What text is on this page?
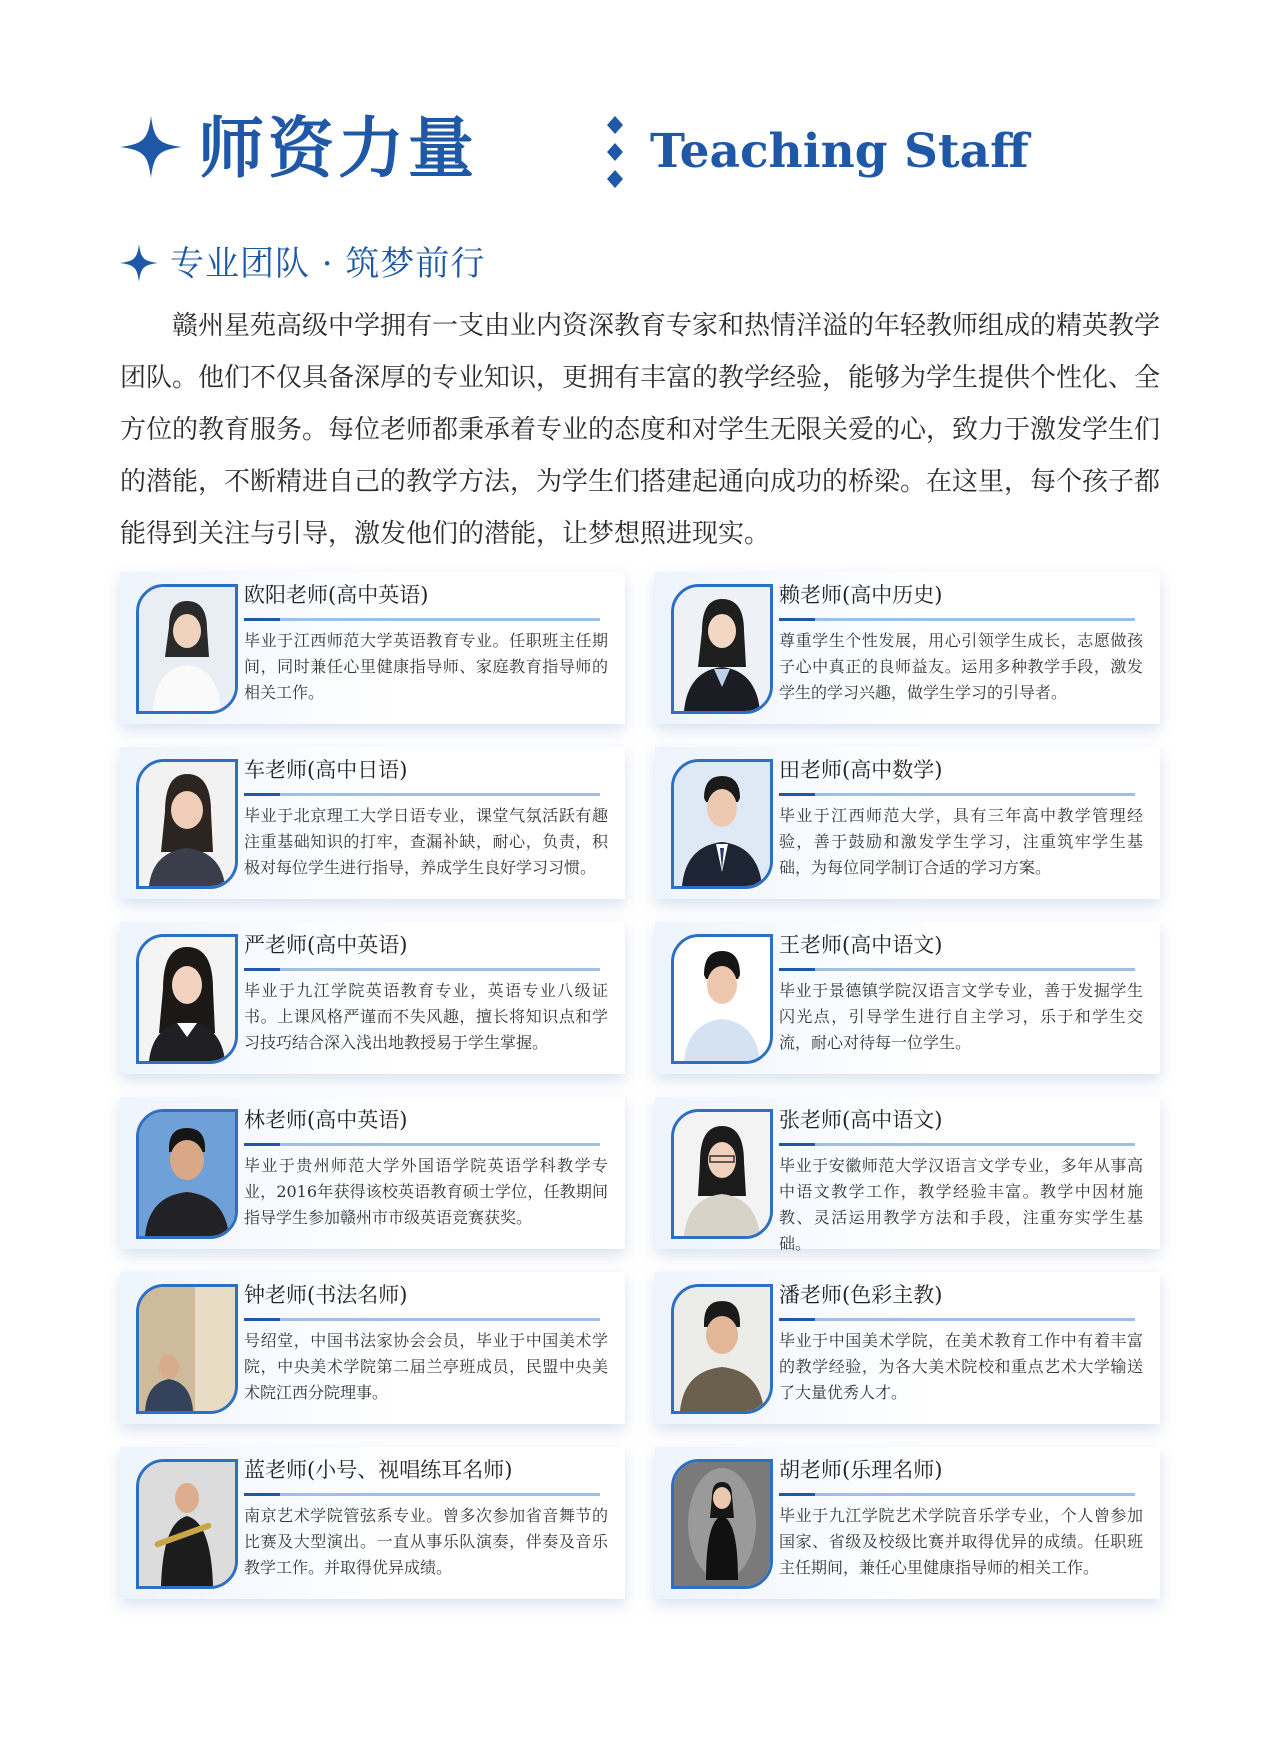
师资力量	Teaching Staff
专业团队 · 筑梦前行

赣州星苑高级中学拥有一支由业内资深教育专家和热情洋溢的年轻教师组成的精英教学团队。他们不仅具备深厚的专业知识，更拥有丰富的教学经验，能够为学生提供个性化、全方位的教育服务。每位老师都秉承着专业的态度和对学生无限关爱的心，致力于激发学生们的潜能，不断精进自己的教学方法，为学生们搭建起通向成功的桥梁。在这里，每个孩子都能得到关注与引导，激发他们的潜能，让梦想照进现实。

欧阳老师(高中英语)

毕业于江西师范大学英语教育专业。任职班主任期间，同时兼任心里健康指导师、家庭教育指导师的相关工作。

赖老师(高中历史)

尊重学生个性发展，用心引领学生成长，志愿做孩子心中真正的良师益友。运用多种教学手段，激发学生的学习兴趣，做学生学习的引导者。

车老师(高中日语)

毕业于北京理工大学日语专业，课堂气氛活跃有趣注重基础知识的打牢，查漏补缺，耐心，负责，积极对每位学生进行指导，养成学生良好学习习惯。

田老师(高中数学)

毕业于江西师范大学，具有三年高中教学管理经验，善于鼓励和激发学生学习，注重筑牢学生基础，为每位同学制订合适的学习方案。

严老师(高中英语)

毕业于九江学院英语教育专业，英语专业八级证书。上课风格严谨而不失风趣，擅长将知识点和学习技巧结合深入浅出地教授易于学生掌握。

王老师(高中语文)

毕业于景德镇学院汉语言文学专业，善于发掘学生闪光点，引导学生进行自主学习，乐于和学生交流，耐心对待每一位学生。

林老师(高中英语)

毕业于贵州师范大学外国语学院英语学科教学专业，2016年获得该校英语教育硕士学位，任教期间指导学生参加赣州市市级英语竞赛获奖。

张老师(高中语文)

毕业于安徽师范大学汉语言文学专业，多年从事高中语文教学工作，教学经验丰富。教学中因材施教、灵活运用教学方法和手段，注重夯实学生基础。

钟老师(书法名师)

号绍堂，中国书法家协会会员，毕业于中国美术学院，中央美术学院第二届兰亭班成员，民盟中央美术院江西分院理事。

潘老师(色彩主教)

毕业于中国美术学院，在美术教育工作中有着丰富的教学经验，为各大美术院校和重点艺术大学输送了大量优秀人才。

蓝老师(小号、视唱练耳名师)

南京艺术学院管弦系专业。曾多次参加省音舞节的比赛及大型演出。一直从事乐队演奏，伴奏及音乐教学工作。并取得优异成绩。

胡老师(乐理名师)

毕业于九江学院艺术学院音乐学专业，个人曾参加国家、省级及校级比赛并取得优异的成绩。任职班主任期间，兼任心里健康指导师的相关工作。
